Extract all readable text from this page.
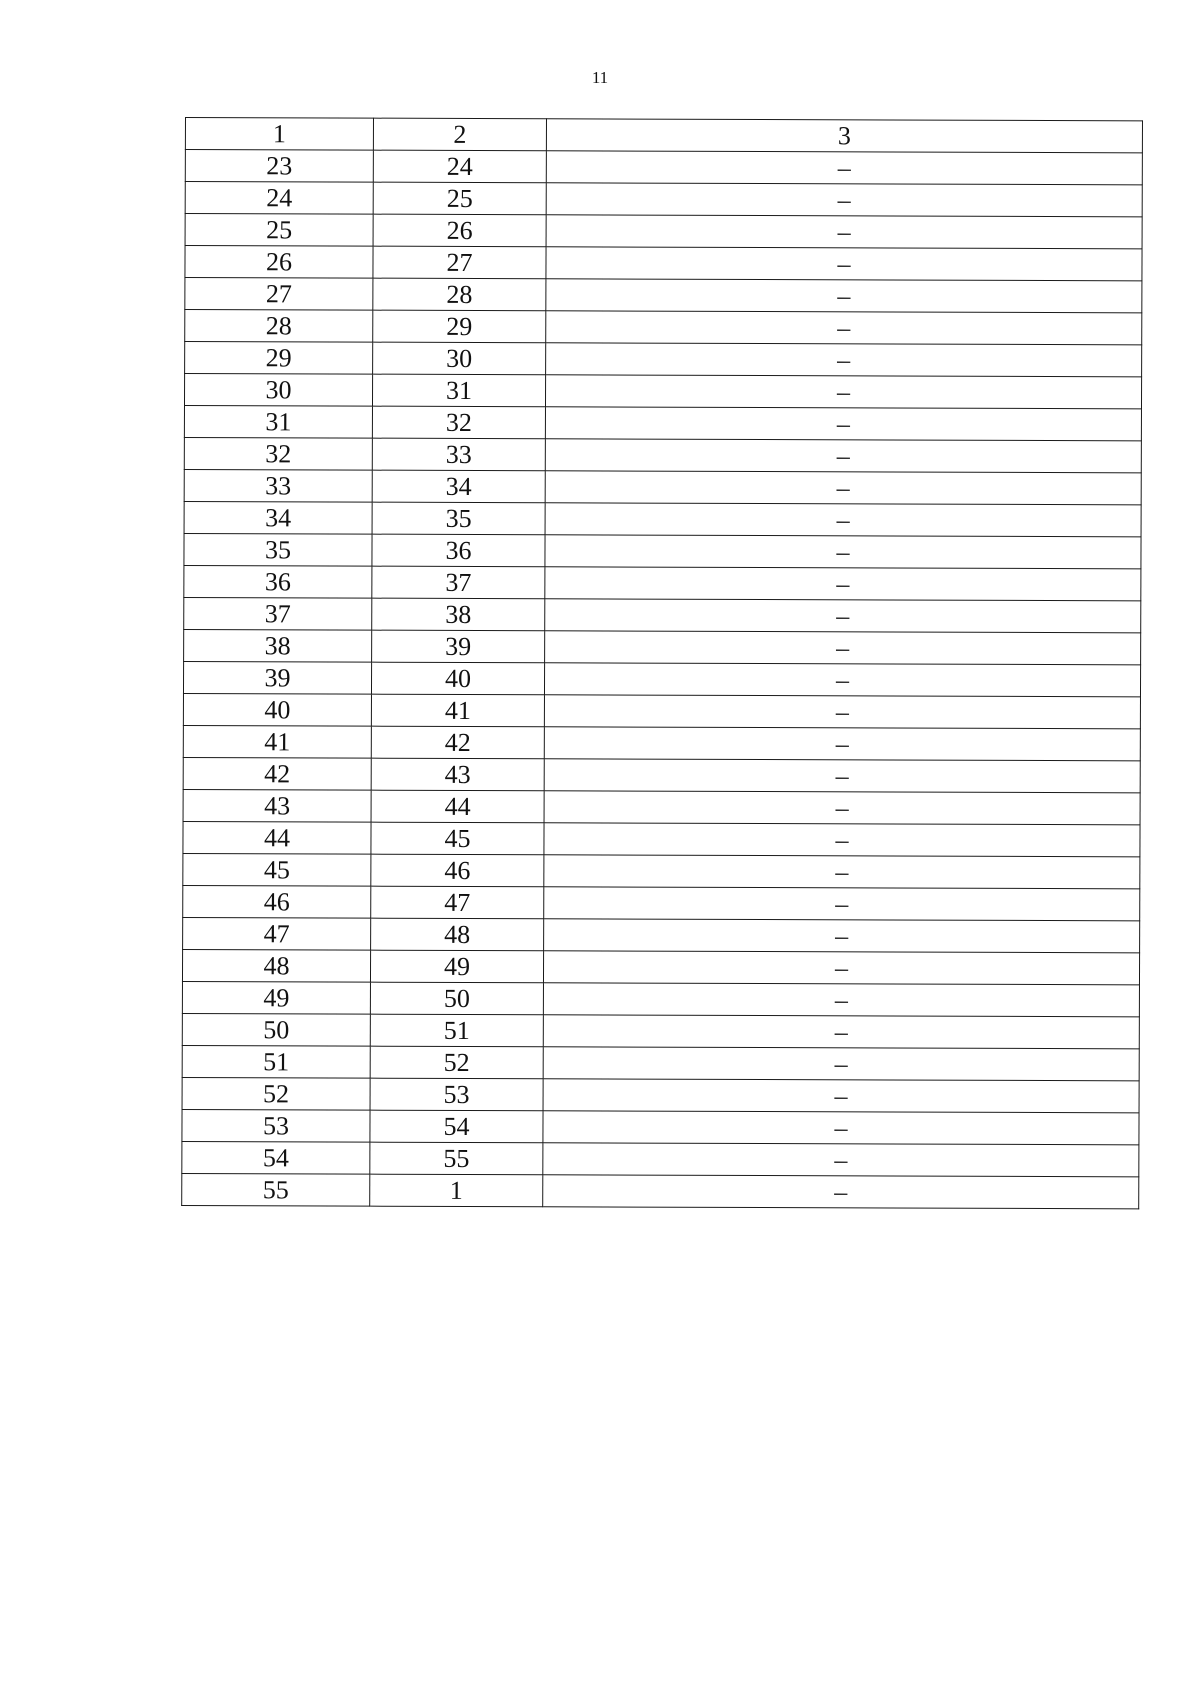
11
1	2	3
23	24	–
24	25	–
25	26	–
26	27	–
27	28	–
28	29	–
29	30	–
30	31	–
31	32	–
32	33	–
33	34	–
34	35	–
35	36	–
36	37	–
37	38	–
38	39	–
39	40	–
40	41	–
41	42	–
42	43	–
43	44	–
44	45	–
45	46	–
46	47	–
47	48	–
48	49	–
49	50	–
50	51	–
51	52	–
52	53	–
53	54	–
54	55	–
55	1	–
